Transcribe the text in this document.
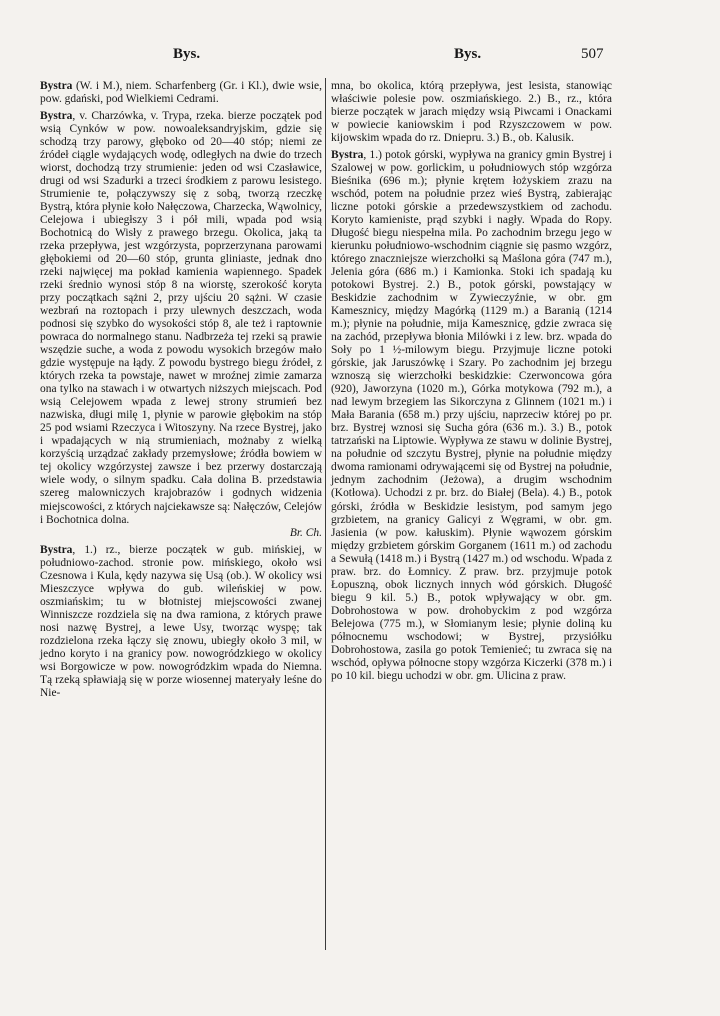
Bys.	Bys.	507

Bystra (W. i M.), niem. Scharfenberg (Gr. i Kl.), dwie wsie, pow. gdański, pod Wielkiemi Cedrami.

Bystra, v. Charzówka, v. Trypa, rzeka. bierze początek pod wsią Cynków w pow. nowoaleksandryjskim, gdzie się schodzą trzy parowy, głęboko od 20—40 stóp; niemi ze źródeł ciągle wydających wodę, odległych na dwie do trzech wiorst, dochodzą trzy strumienie: jeden od wsi Czasławice, drugi od wsi Szadurki a trzeci środkiem z parowu lesistego. Strumienie te, połączywszy się z sobą, tworzą rzeczkę Bystrą, która płynie koło Nałęczowa, Charzecka, Wąwolnicy, Celejowa i ubiegłszy 3 i pół mili, wpada pod wsią Bochotnicą do Wisły z prawego brzegu. Okolica, jaką ta rzeka przepływa, jest wzgórzysta, poprzerzynana parowami głębokiemi od 20—60 stóp, grunta gliniaste, jednak dno rzeki najwięcej ma pokład kamienia wapiennego. Spadek rzeki średnio wynosi stóp 8 na wiorstę, szerokość koryta przy początkach sążni 2, przy ujściu 20 sążni. W czasie wezbrań na roztopach i przy ulewnych deszczach, woda podnosi się szybko do wysokości stóp 8, ale też i raptownie powraca do normalnego stanu. Nadbrzeża tej rzeki są prawie wszędzie suche, a woda z powodu wysokich brzegów mało gdzie występuje na łądy. Z powodu bystrego biegu źródeł, z których rzeka ta powstaje, nawet w mroźnej zimie zamarza ona tylko na stawach i w otwartych niższych miejscach. Pod wsią Celejowem wpada z lewej strony strumień bez nazwiska, długi milę 1, płynie w parowie głębokim na stóp 25 pod wsiami Rzeczyca i Witoszyny. Na rzece Bystrej, jako i wpadających w nią strumieniach, możnaby z wielką korzyścią urządzać zakłady przemysłowe; źródła bowiem w tej okolicy wzgórzystej zawsze i bez przerwy dostarczają wiele wody, o silnym spadku. Cała dolina B. przedstawia szereg malowniczych krajobrazów i godnych widzenia miejscowości, z których najciekawsze są: Nałęczów, Celejów i Bochotnica dolna.
Br. Ch.

Bystra, 1.) rz., bierze początek w gub. mińskiej, w południowo-zachod. stronie pow. mińskiego, około wsi Czesnowa i Kula, kędy nazywa się Usą (ob.). W okolicy wsi Mieszczyce wpływa do gub. wileńskiej w pow. oszmiańskim; tu w błotnistej miejscowości zwanej Winniszcze rozdziela się na dwa ramiona, z których prawe nosi nazwę Bystrej, a lewe Usy, tworząc wyspę; tak rozdzielona rzeka łączy się znowu, ubiegły około 3 mil, w jedno koryto i na granicy pow. nowogródzkiego w okolicy wsi Borgowicze w pow. nowogródzkim wpada do Niemna. Tą rzeką spławiają się w porze wiosennej materyały leśne do Nie-

mna, bo okolica, którą przepływa, jest lesista, stanowiąc właściwie polesie pow. oszmiańskiego. 2.) B., rz., która bierze początek w jarach między wsią Piwcami i Onackami w powiecie kaniowskim i pod Rzyszczowem w pow. kijowskim wpada do rz. Dniepru. 3.) B., ob. Kalusik.

Bystra, 1.) potok górski, wypływa na granicy gmin Bystrej i Szalowej w pow. gorlickim, u południowych stóp wzgórza Bieśnika (696 m.); płynie krętem łożyskiem zrazu na wschód, potem na południe przez wieś Bystrą, zabierając liczne potoki górskie a przedewszystkiem od zachodu. Koryto kamieniste, prąd szybki i nagły. Wpada do Ropy. Długość biegu niespełna mila. Po zachodnim brzegu jego w kierunku południowo-wschodnim ciągnie się pasmo wzgórz, którego znaczniejsze wierzchołki są Maślona góra (747 m.), Jelenia góra (686 m.) i Kamionka. Stoki ich spadają ku potokowi Bystrej. 2.) B., potok górski, powstający w Beskidzie zachodnim w Zywieczyźnie, w obr. gm Kamesznicy, między Magórką (1129 m.) a Baranią (1214 m.); płynie na południe, mija Kamesznicę, gdzie zwraca się na zachód, przepływa błonia Milówki i z lew. brz. wpada do Soły po 1 ½-milowym biegu. Przyjmuje liczne potoki górskie, jak Jaruszówkę i Szary. Po zachodnim jej brzegu wznoszą się wierzchołki beskidzkie: Czerwoncowa góra (920), Jaworzyna (1020 m.), Górka motykowa (792 m.), a nad lewym brzegiem las Sikorczyna z Glinnem (1021 m.) i Mała Barania (658 m.) przy ujściu, naprzeciw której po pr. brz. Bystrej wznosi się Sucha góra (636 m.). 3.) B., potok tatrzański na Liptowie. Wypływa ze stawu w dolinie Bystrej, na południe od szczytu Bystrej, płynie na południe między dwoma ramionami odrywającemi się od Bystrej na południe, jednym zachodnim (Jeżowa), a drugim wschodnim (Kotłowa). Uchodzi z pr. brz. do Białej (Bela). 4.) B., potok górski, źródła w Beskidzie lesistym, pod samym jego grzbietem, na granicy Galicyi z Węgrami, w obr. gm. Jasienia (w pow. kałuskim). Płynie wąwozem górskim między grzbietem górskim Gorganem (1611 m.) od zachodu a Sewułą (1418 m.) i Bystrą (1427 m.) od wschodu. Wpada z praw. brz. do Łomnicy. Z praw. brz. przyjmuje potok Łopuszną, obok licznych innych wód górskich. Długość biegu 9 kil. 5.) B., potok wpływający w obr. gm. Dobrohostowa w pow. drohobyckim z pod wzgórza Belejowa (775 m.), w Słomianym lesie; płynie doliną ku północnemu wschodowi; w Bystrej, przysiółku Dobrohostowa, zasila go potok Temienieć; tu zwraca się na wschód, opływa północne stopy wzgórza Kiczerki (378 m.) i po 10 kil. biegu uchodzi w obr. gm. Ulicina z praw.
